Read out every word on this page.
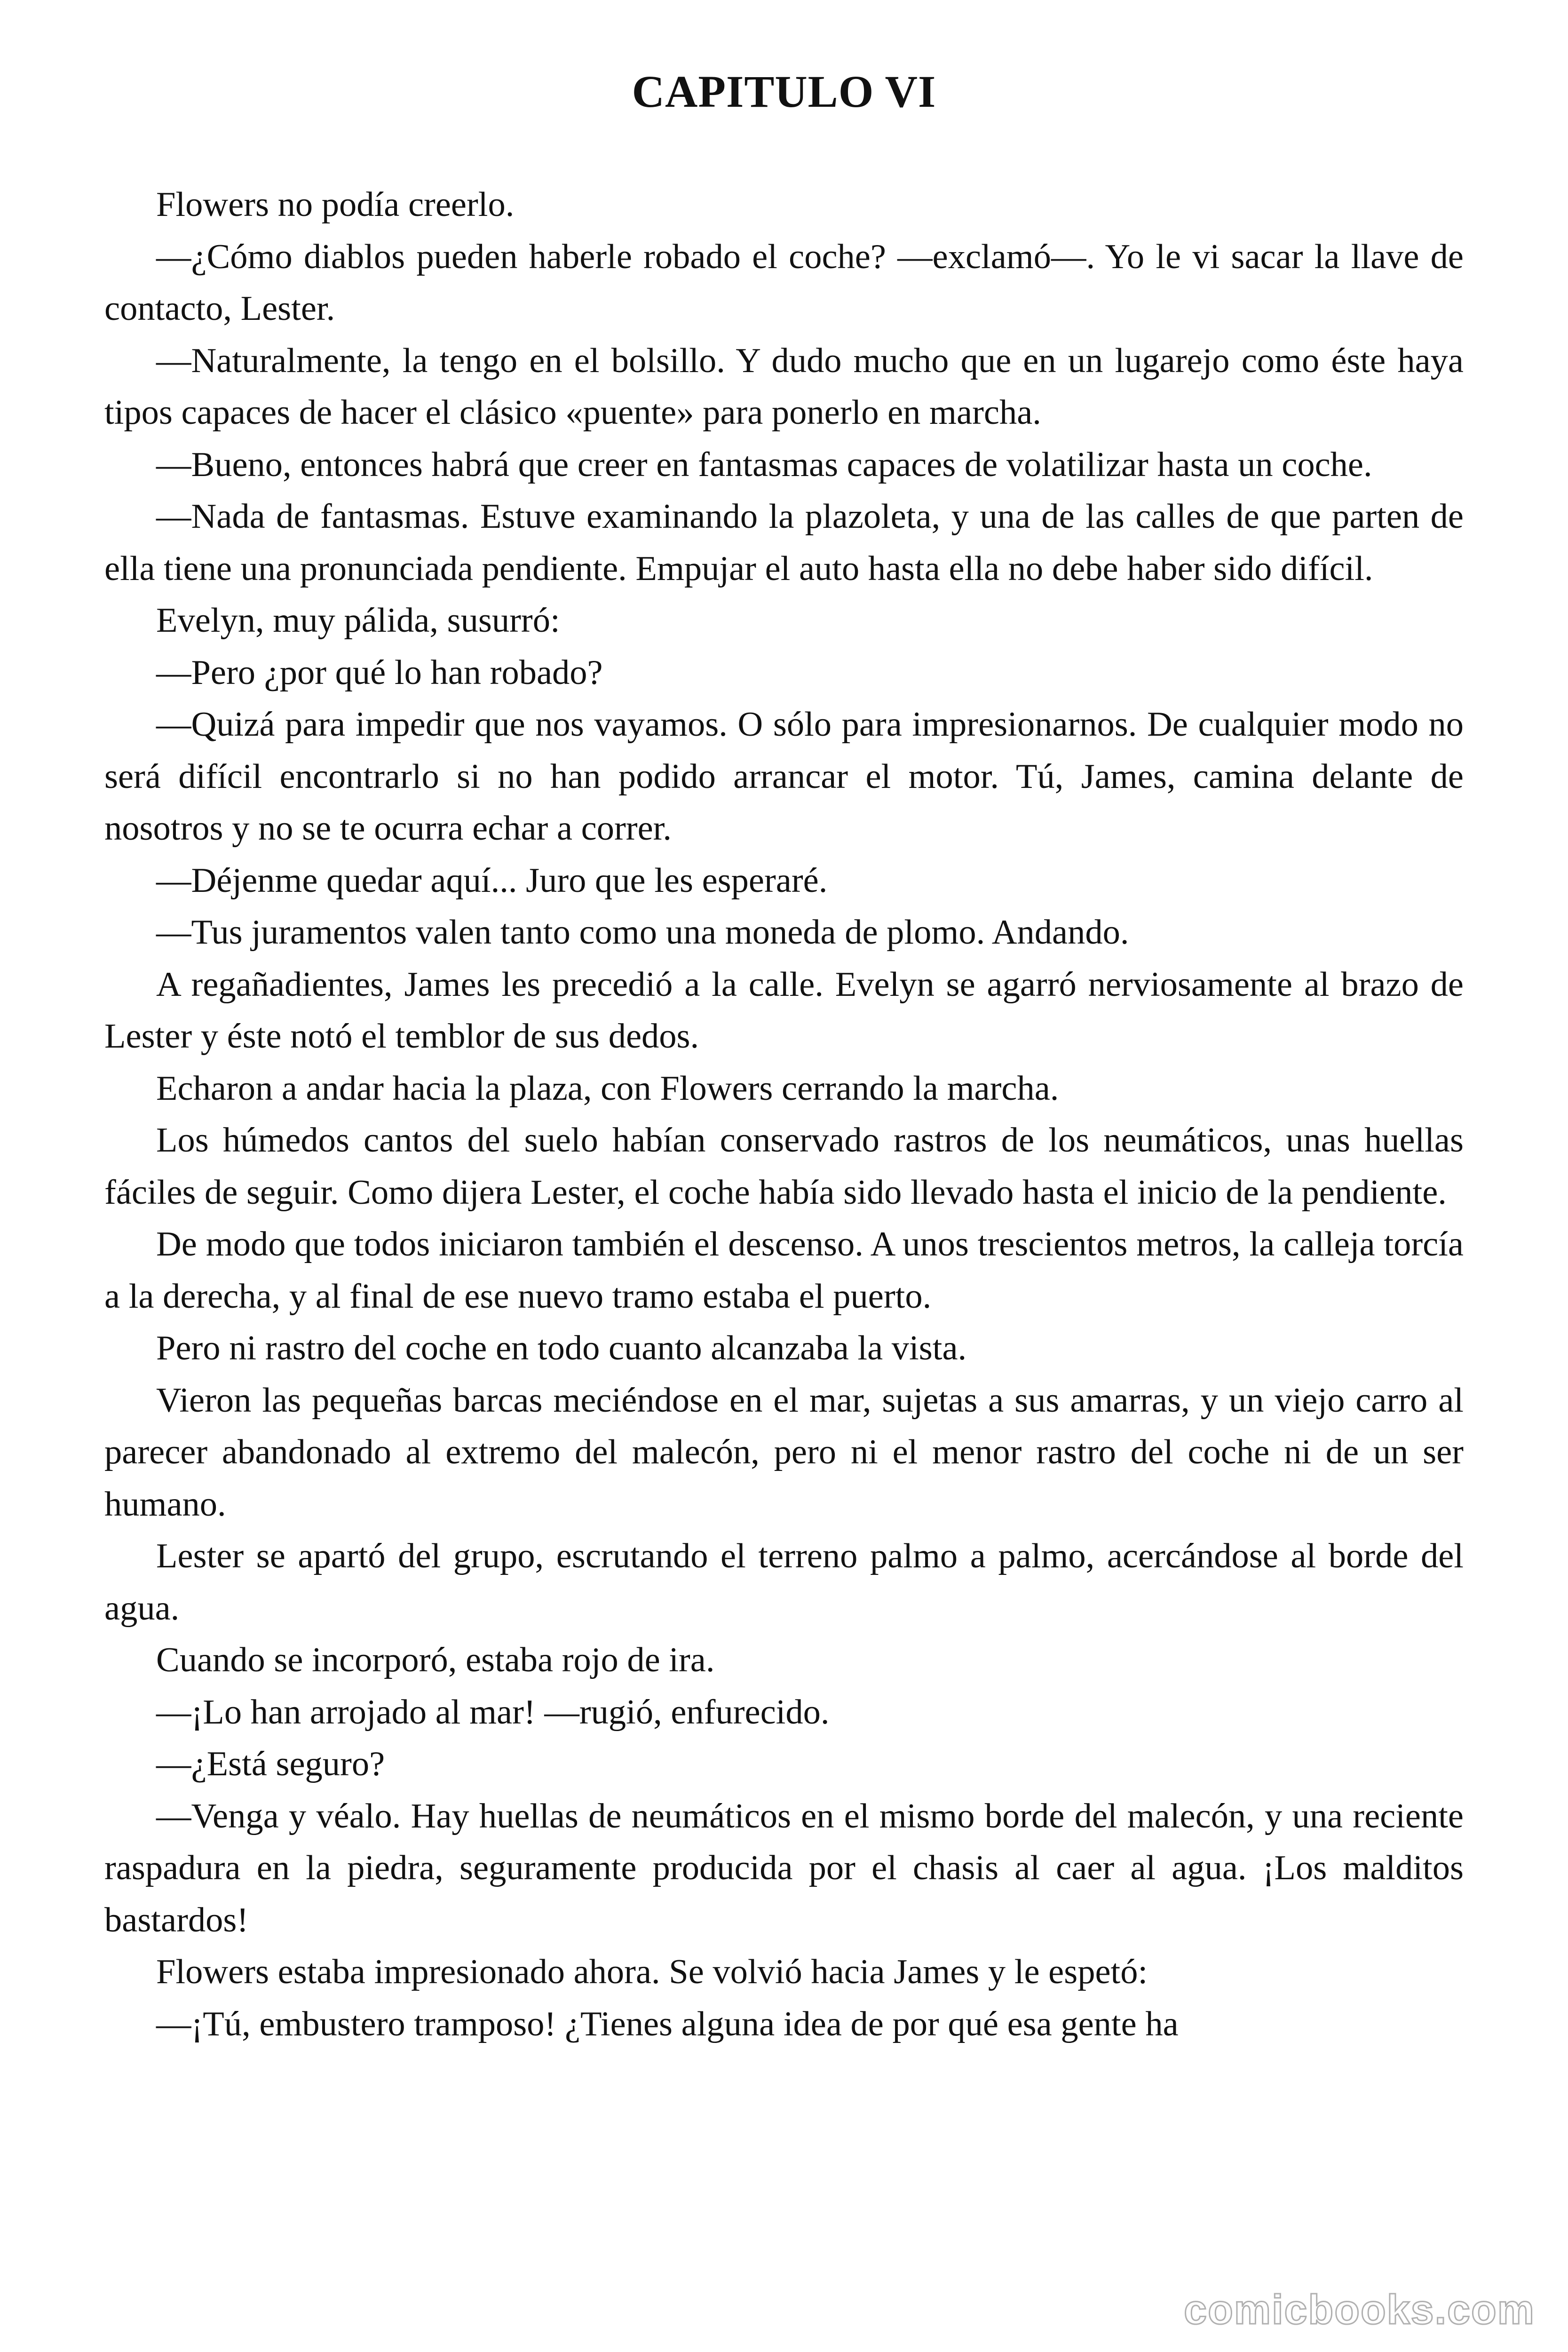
CAPITULO VI

Flowers no podía creerlo.

—¿Cómo diablos pueden haberle robado el coche? —exclamó—. Yo le vi sacar la llave de contacto, Lester.

—Naturalmente, la tengo en el bolsillo. Y dudo mucho que en un lugarejo como éste haya tipos capaces de hacer el clásico «puente» para ponerlo en marcha.

—Bueno, entonces habrá que creer en fantasmas capaces de volatilizar hasta un coche.

—Nada de fantasmas. Estuve examinando la plazoleta, y una de las calles de que parten de ella tiene una pronunciada pendiente. Empujar el auto hasta ella no debe haber sido difícil.

Evelyn, muy pálida, susurró:

—Pero ¿por qué lo han robado?

—Quizá para impedir que nos vayamos. O sólo para impresionarnos. De cualquier modo no será difícil encontrarlo si no han podido arrancar el motor. Tú, James, camina delante de nosotros y no se te ocurra echar a correr.

—Déjenme quedar aquí... Juro que les esperaré.

—Tus juramentos valen tanto como una moneda de plomo. Andando.

A regañadientes, James les precedió a la calle. Evelyn se agarró nerviosamente al brazo de Lester y éste notó el temblor de sus dedos.

Echaron a andar hacia la plaza, con Flowers cerrando la marcha.

Los húmedos cantos del suelo habían conservado rastros de los neumáticos, unas huellas fáciles de seguir. Como dijera Lester, el coche había sido llevado hasta el inicio de la pendiente.

De modo que todos iniciaron también el descenso. A unos trescientos metros, la calleja torcía a la derecha, y al final de ese nuevo tramo estaba el puerto.

Pero ni rastro del coche en todo cuanto alcanzaba la vista.

Vieron las pequeñas barcas meciéndose en el mar, sujetas a sus amarras, y un viejo carro al parecer abandonado al extremo del malecón, pero ni el menor rastro del coche ni de un ser humano.

Lester se apartó del grupo, escrutando el terreno palmo a palmo, acercándose al borde del agua.

Cuando se incorporó, estaba rojo de ira.

—¡Lo han arrojado al mar! —rugió, enfurecido.

—¿Está seguro?

—Venga y véalo. Hay huellas de neumáticos en el mismo borde del malecón, y una reciente raspadura en la piedra, seguramente producida por el chasis al caer al agua. ¡Los malditos bastardos!

Flowers estaba impresionado ahora. Se volvió hacia James y le espetó:

—¡Tú, embustero tramposo! ¿Tienes alguna idea de por qué esa gente ha

comicbooks.com
